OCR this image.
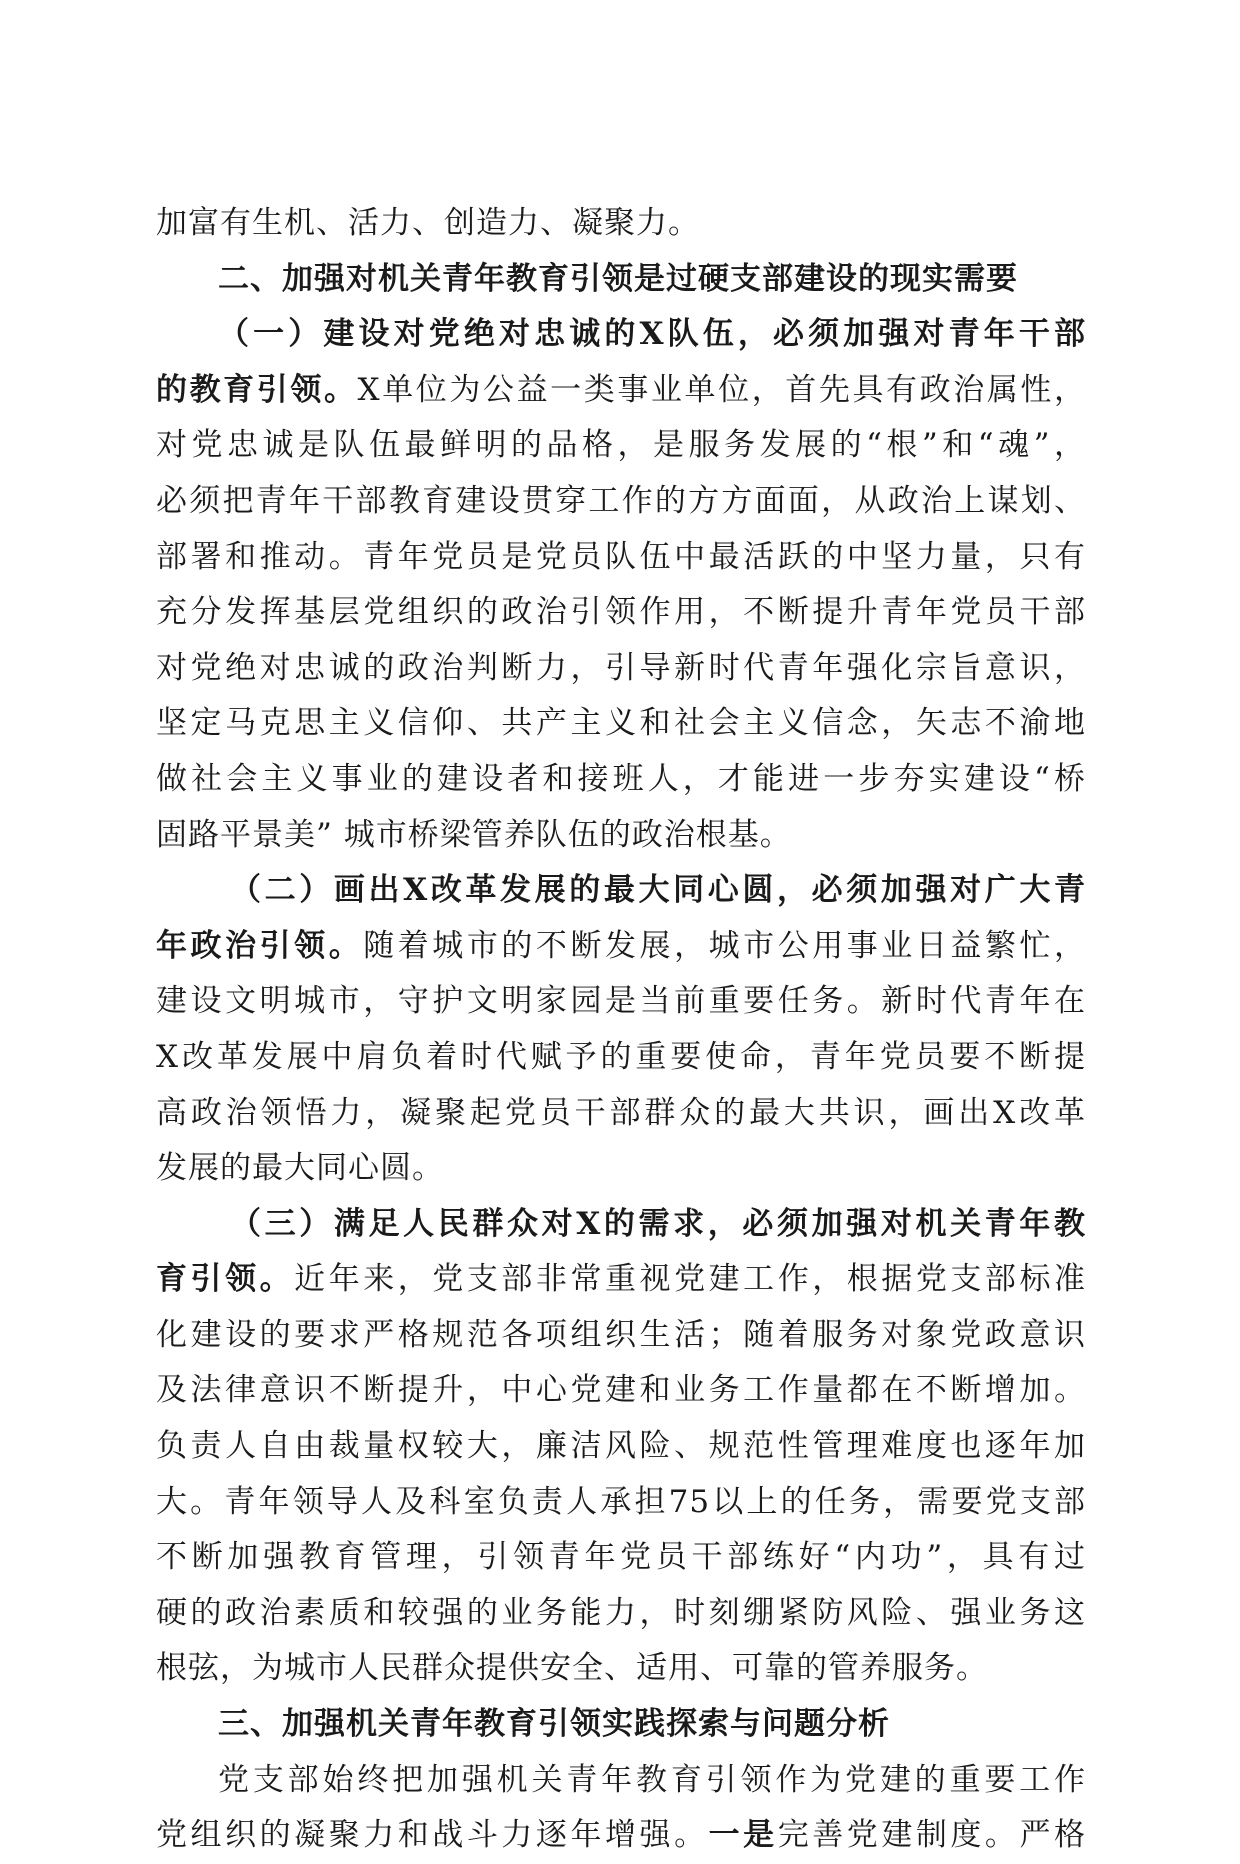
加富有生机、活力、创造力、凝聚力。
二、加强对机关青年教育引领是过硬支部建设的现实需要
（一）建设对党绝对忠诚的X队伍，必须加强对青年干部
的教育引领。X单位为公益一类事业单位，首先具有政治属性，
对党忠诚是队伍最鲜明的品格，是服务发展的“根”和“魂”，
必须把青年干部教育建设贯穿工作的方方面面，从政治上谋划、
部署和推动。青年党员是党员队伍中最活跃的中坚力量，只有
充分发挥基层党组织的政治引领作用，不断提升青年党员干部
对党绝对忠诚的政治判断力，引导新时代青年强化宗旨意识，
坚定马克思主义信仰、共产主义和社会主义信念，矢志不渝地
做社会主义事业的建设者和接班人，才能进一步夯实建设“桥
固路平景美” 城市桥梁管养队伍的政治根基。
（二）画出X改革发展的最大同心圆，必须加强对广大青
年政治引领。随着城市的不断发展，城市公用事业日益繁忙，
建设文明城市，守护文明家园是当前重要任务。新时代青年在
X改革发展中肩负着时代赋予的重要使命，青年党员要不断提
高政治领悟力，凝聚起党员干部群众的最大共识，画出X改革
发展的最大同心圆。
（三）满足人民群众对X的需求，必须加强对机关青年教
育引领。近年来，党支部非常重视党建工作，根据党支部标准
化建设的要求严格规范各项组织生活；随着服务对象党政意识
及法律意识不断提升，中心党建和业务工作量都在不断增加。
负责人自由裁量权较大，廉洁风险、规范性管理难度也逐年加
大。青年领导人及科室负责人承担75以上的任务，需要党支部
不断加强教育管理，引领青年党员干部练好“内功”，具有过
硬的政治素质和较强的业务能力，时刻绷紧防风险、强业务这
根弦，为城市人民群众提供安全、适用、可靠的管养服务。
三、加强机关青年教育引领实践探索与问题分析
党支部始终把加强机关青年教育引领作为党建的重要工作
党组织的凝聚力和战斗力逐年增强。一是完善党建制度。严格
